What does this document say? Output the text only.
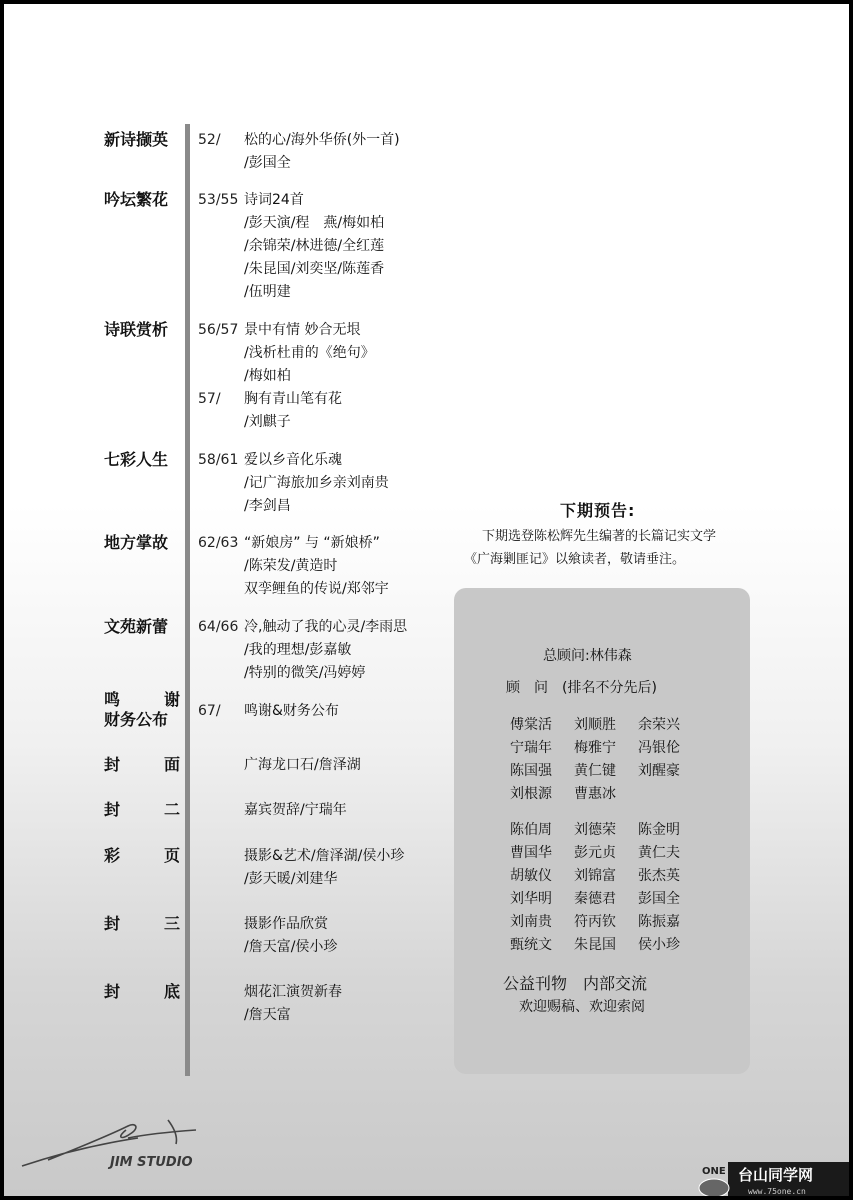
新诗撷英	52/ 松的心/海外华侨(外一首)
/彭国全
吟坛繁花	53/55 诗词24首
/彭天演/程　燕/梅如柏
/余锦荣/林进德/全红莲
/朱昆国/刘奕坚/陈莲香
/伍明建
诗联赏析	56/57 景中有情 妙合无垠
/浅析杜甫的《绝句》
/梅如柏
57/ 胸有青山笔有花
/刘麒子
七彩人生	58/61 爱以乡音化乐魂
/记广海旅加乡亲刘南贵
/李剑昌
地方掌故	62/63 “新娘房” 与 “新娘桥”
/陈荣发/黄造时
双孪鲤鱼的传说/郑邻宇
文苑新蕾	64/66 冷,触动了我的心灵/李雨思
/我的理想/彭嘉敏
/特别的微笑/冯婷婷
鸣	谢
财务公布	67/ 鸣谢&财务公布
封	面	广海龙口石/詹泽湖
封	二	嘉宾贺辞/宁瑞年
彩	页	摄影&艺术/詹泽湖/侯小珍
/彭天暖/刘建华
封	三	摄影作品欣赏
/詹天富/侯小珍
封	底	烟花汇演贺新春
/詹天富
下期预告:
下期选登陈松辉先生编著的长篇记实文学
《广海剿匪记》以飨读者，敬请垂注。
总顾问:林伟森
顾　问　(排名不分先后)
傅棠活 刘顺胜 余荣兴
宁瑞年 梅雅宁 冯银伦
陈国强 黄仁键 刘醒豪
刘根源 曹惠冰
陈伯周 刘德荣 陈金明
曹国华 彭元贞 黄仁夫
胡敏仪 刘锦富 张杰英
刘华明 秦德君 彭国全
刘南贵 符丙钦 陈振嘉
甄统文 朱昆国 侯小珍
公益刊物　内部交流
欢迎赐稿、欢迎索阅
JIM STUDIO
ONE 台山同学网
www.75one.cn
